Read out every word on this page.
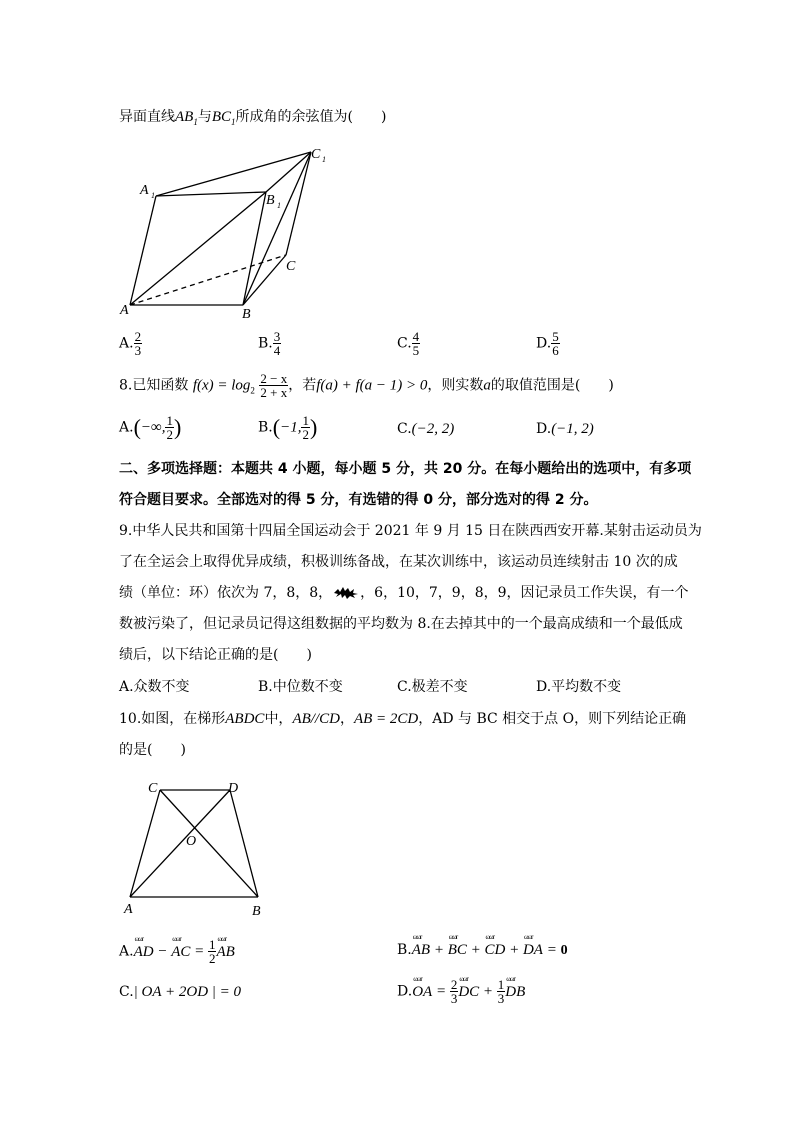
异面直线$AB_1$与$BC_1$所成角的余弦值为(　　)
A	B
C
A 1	B 1
C 1
A. $\frac{2}{3}$	B. $\frac{3}{4}$	C. $\frac{4}{5}$	D. $\frac{5}{6}$
8.已知函数 $f(x) = \log_2 \frac{2 - x}{2 + x}$ ，若f(a) + f(a − 1) > 0，则实数a的取值范围是(　　)
A.(−∞, $\frac{1}{2}$ )	B.(−1, $\frac{1}{2}$ )	C.(−2, 2)	D.(−1, 2)
二、多项选择题：本题共 4 小题，每小题 5 分，共 20 分。在每小题给出的选项中，有多项
符合题目要求。全部选对的得 5 分，有选错的得 0 分，部分选对的得 2 分。
9.中华人民共和国第十四届全国运动会于 2021 年 9 月 15 日在陕西西安开幕.某射击运动员为
了在全运会上取得优异成绩，积极训练备战，在某次训练中，该运动员连续射击 10 次的成
绩（单位：环）依次为 7，8，8， ，6，10，7，9，8，9，因记录员工作失误，有一个
数被污染了，但记录员记得这组数据的平均数为 8.在去掉其中的一个最高成绩和一个最低成
绩后，以下结论正确的是(　　)
A.众数不变	B.中位数不变	C.极差不变	D.平均数不变
10.如图，在梯形ABDC中，AB//CD，AB = 2CD，AD 与 BC 相交于点 O，则下列结论正确
的是(　　)
C	D
O
A	B
A.ωωr AD − ωωr AC = $\frac{1}{2}$ ωωr AB	B.ωωr AB + ωωr BC + ωωr CD + ωωr DA = 0
C.| OA + 2OD | = 0	D.ωωr OA = $\frac{2}{3}$ ωωr DC + $\frac{1}{3}$ ωωr DB
